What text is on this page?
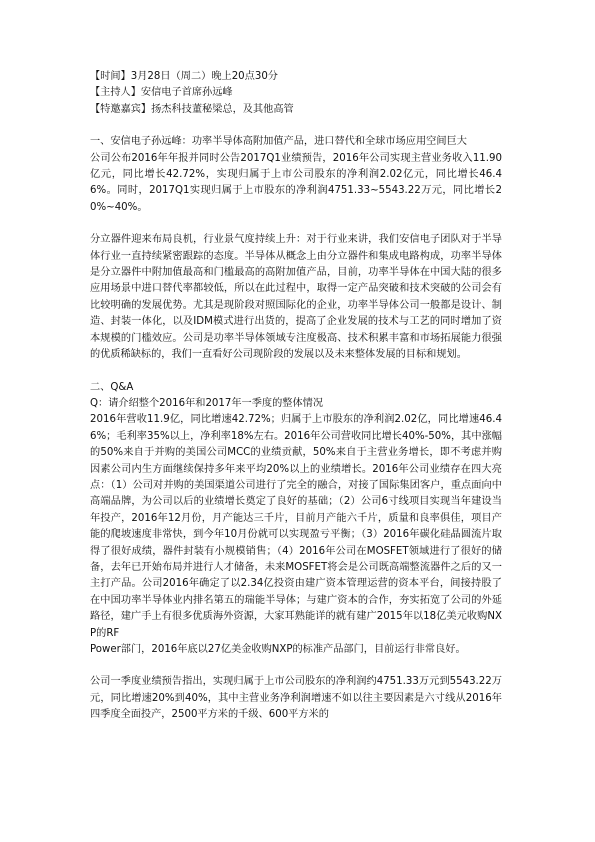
【时间】3月28日（周二）晚上20点30分

【主持人】安信电子首席孙远峰

【特邀嘉宾】扬杰科技董秘梁总，及其他高管

一、安信电子孙远峰：功率半导体高附加值产品，进口替代和全球市场应用空间巨大

公司公布2016年年报并同时公告2017Q1业绩预告，2016年公司实现主营业务收入11.90亿元，同比增长42.72%，实现归属于上市公司股东的净利润2.02亿元，同比增长46.46%。同时，2017Q1实现归属于上市股东的净利润4751.33~5543.22万元，同比增长20%~40%。

分立器件迎来布局良机，行业景气度持续上升：对于行业来讲，我们安信电子团队对于半导体行业一直持续紧密跟踪的态度。半导体从概念上由分立器件和集成电路构成，功率半导体是分立器件中附加值最高和门槛最高的高附加值产品，目前，功率半导体在中国大陆的很多应用场景中进口替代率都较低，所以在此过程中，取得一定产品突破和技术突破的公司会有比较明确的发展优势。尤其是现阶段对照国际化的企业，功率半导体公司一般都是设计、制造、封装一体化，以及IDM模式进行出货的，提高了企业发展的技术与工艺的同时增加了资本规模的门槛效应。公司是功率半导体领域专注度极高、技术积累丰富和市场拓展能力很强的优质稀缺标的，我们一直看好公司现阶段的发展以及未来整体发展的目标和规划。

二、Q&A

Q：请介绍整个2016年和2017年一季度的整体情况

2016年营收11.9亿，同比增速42.72%；归属于上市股东的净利润2.02亿，同比增速46.46%；毛利率35%以上，净利率18%左右。2016年公司营收同比增长40%-50%，其中涨幅的50%来自于并购的美国公司MCC的业绩贡献，50%来自于主营业务增长，即不考虑并购因素公司内生方面继续保持多年来平均20%以上的业绩增长。2016年公司业绩存在四大亮点：（1）公司对并购的美国渠道公司进行了完全的融合，对接了国际集团客户，重点面向中高端品牌，为公司以后的业绩增长奠定了良好的基础；（2）公司6寸线项目实现当年建设当年投产，2016年12月份，月产能达三千片，目前月产能六千片，质量和良率俱佳，项目产能的爬坡速度非常快，到今年10月份就可以实现盈亏平衡；（3）2016年碳化硅晶圆流片取得了很好成绩，器件封装有小规模销售；（4）2016年公司在MOSFET领域进行了很好的储备，去年已开始布局并进行人才储备，未来MOSFET将会是公司既高端整流器件之后的又一主打产品。公司2016年确定了以2.34亿投资由建广资本管理运营的资本平台，间接持股了在中国功率半导体业内排名第五的瑞能半导体；与建广资本的合作，夯实拓宽了公司的外延路径，建广手上有很多优质海外资源，大家耳熟能详的就有建广2015年以18亿美元收购NXP的RF

Power部门，2016年底以27亿美金收购NXP的标准产品部门，目前运行非常良好。

公司一季度业绩预告指出，实现归属于上市公司股东的净利润约4751.33万元到5543.22万元，同比增速20%到40%，其中主营业务净利润增速不如以往主要因素是六寸线从2016年四季度全面投产，2500平方米的千级、600平方米的
